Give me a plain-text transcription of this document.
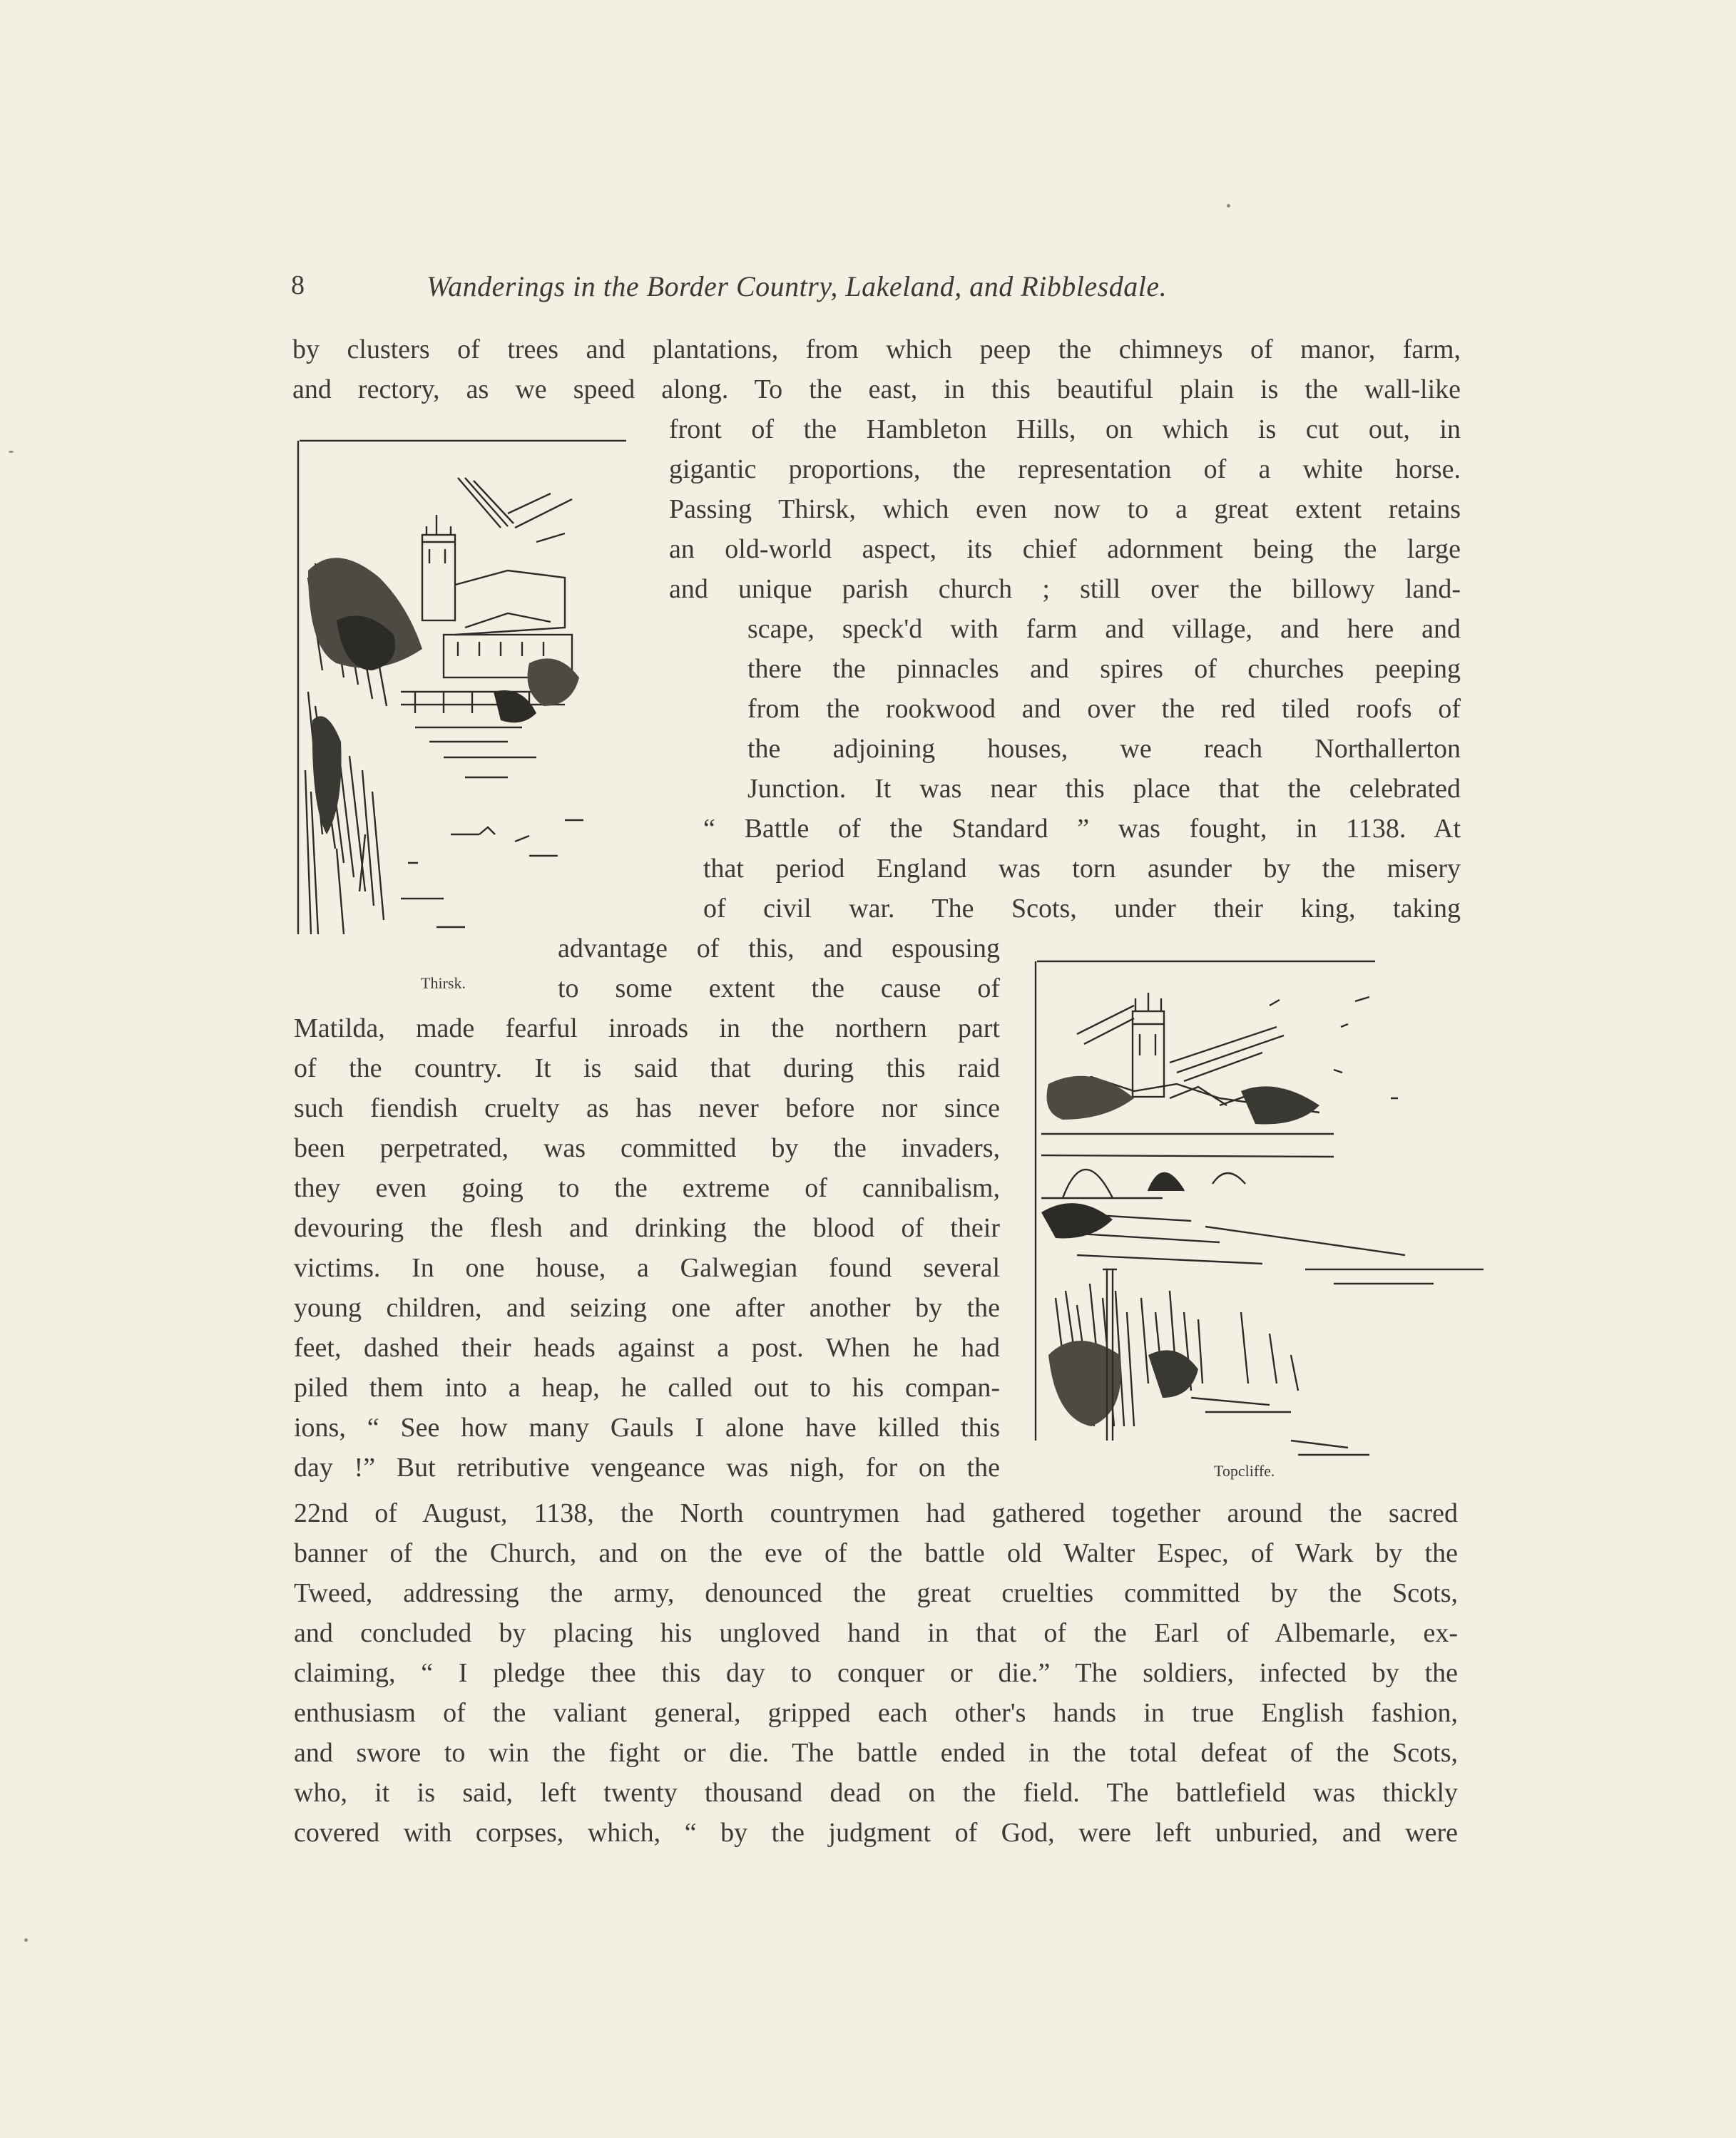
8	Wanderings in the Border Country, Lakeland, and Ribblesdale.
Thirsk.
Topcliffe.
by clusters of trees and plantations, from which peep the chimneys of manor, farm,
and rectory, as we speed along. To the east, in this beautiful plain is the wall-like
front of the Hambleton Hills, on which is cut out, in
gigantic proportions, the representation of a white horse.
Passing Thirsk, which even now to a great extent retains
an old-world aspect, its chief adornment being the large
and unique parish church ; still over the billowy land-
scape, speck'd with farm and village, and here and
there the pinnacles and spires of churches peeping
from the rookwood and over the red tiled roofs of
the adjoining houses, we reach Northallerton
Junction. It was near this place that the celebrated
“ Battle of the Standard ” was fought, in 1138. At
that period England was torn asunder by the misery
of civil war. The Scots, under their king, taking
advantage of this, and espousing
to some extent the cause of
Matilda, made fearful inroads in the northern part
of the country. It is said that during this raid
such fiendish cruelty as has never before nor since
been perpetrated, was committed by the invaders,
they even going to the extreme of cannibalism,
devouring the flesh and drinking the blood of their
victims. In one house, a Galwegian found several
young children, and seizing one after another by the
feet, dashed their heads against a post. When he had
piled them into a heap, he called out to his compan-
ions, “ See how many Gauls I alone have killed this
day !” But retributive vengeance was nigh, for on the
22nd of August, 1138, the North countrymen had gathered together around the sacred
banner of the Church, and on the eve of the battle old Walter Espec, of Wark by the
Tweed, addressing the army, denounced the great cruelties committed by the Scots,
and concluded by placing his ungloved hand in that of the Earl of Albemarle, ex-
claiming, “ I pledge thee this day to conquer or die.” The soldiers, infected by the
enthusiasm of the valiant general, gripped each other's hands in true English fashion,
and swore to win the fight or die. The battle ended in the total defeat of the Scots,
who, it is said, left twenty thousand dead on the field. The battlefield was thickly
covered with corpses, which, “ by the judgment of God, were left unburied, and were
